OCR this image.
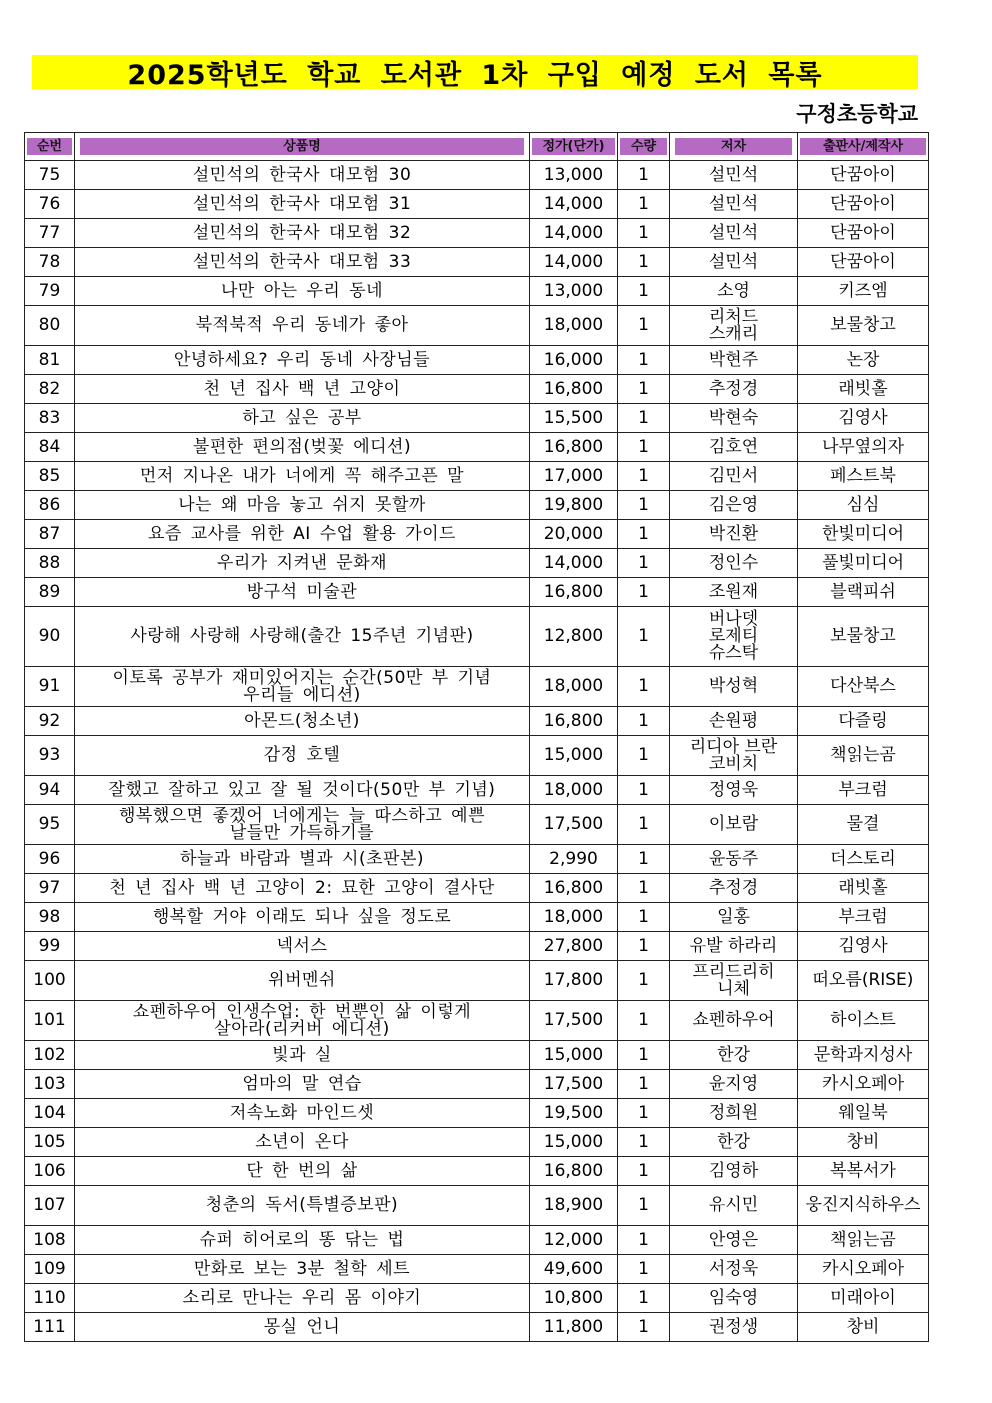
2025학년도 학교 도서관 1차 구입 예정 도서 목록
구정초등학교
순번	상품명	정가(단가)	수량	저자	출판사/제작사

75	설민석의 한국사 대모험 30	13,000	1	설민석	단꿈아이
76	설민석의 한국사 대모험 31	14,000	1	설민석	단꿈아이
77	설민석의 한국사 대모험 32	14,000	1	설민석	단꿈아이
78	설민석의 한국사 대모험 33	14,000	1	설민석	단꿈아이
79	나만 아는 우리 동네	13,000	1	소영	키즈엠
80	북적북적 우리 동네가 좋아	18,000	1	리처드 스캐리	보물창고
81	안녕하세요? 우리 동네 사장님들	16,000	1	박현주	논장
82	천 년 집사 백 년 고양이	16,800	1	추정경	래빗홀
83	하고 싶은 공부	15,500	1	박현숙	김영사
84	불편한 편의점(벚꽃 에디션)	16,800	1	김호연	나무옆의자
85	먼저 지나온 내가 너에게 꼭 해주고픈 말	17,000	1	김민서	페스트북
86	나는 왜 마음 놓고 쉬지 못할까	19,800	1	김은영	심심
87	요즘 교사를 위한 AI 수업 활용 가이드	20,000	1	박진환	한빛미디어
88	우리가 지켜낸 문화재	14,000	1	정인수	풀빛미디어
89	방구석 미술관	16,800	1	조원재	블랙피쉬
90	사랑해 사랑해 사랑해(출간 15주년 기념판)	12,800	1	버나뎃 로제티 슈스탁	보물창고
91	이토록 공부가 재미있어지는 순간(50만 부 기념 우리들 에디션)	18,000	1	박성혁	다산북스
92	아몬드(청소년)	16,800	1	손원평	다즐링
93	감정 호텔	15,000	1	리디아 브란코비치	책읽는곰
94	잘했고 잘하고 있고 잘 될 것이다(50만 부 기념)	18,000	1	정영욱	부크럼
95	행복했으면 좋겠어 너에게는 늘 따스하고 예쁜 날들만 가득하기를	17,500	1	이보람	물결
96	하늘과 바람과 별과 시(초판본)	2,990	1	윤동주	더스토리
97	천 년 집사 백 년 고양이 2: 묘한 고양이 결사단	16,800	1	추정경	래빗홀
98	행복할 거야 이래도 되나 싶을 정도로	18,000	1	일홍	부크럼
99	넥서스	27,800	1	유발 하라리	김영사
100	위버멘쉬	17,800	1	프리드리히 니체	떠오름(RISE)
101	쇼펜하우어 인생수업: 한 번뿐인 삶 이렇게 살아라(리커버 에디션)	17,500	1	쇼펜하우어	하이스트
102	빛과 실	15,000	1	한강	문학과지성사
103	엄마의 말 연습	17,500	1	윤지영	카시오페아
104	저속노화 마인드셋	19,500	1	정희원	웨일북
105	소년이 온다	15,000	1	한강	창비
106	단 한 번의 삶	16,800	1	김영하	복복서가
107	청춘의 독서(특별증보판)	18,900	1	유시민	웅진지식하우스
108	슈퍼 히어로의 똥 닦는 법	12,000	1	안영은	책읽는곰
109	만화로 보는 3분 철학 세트	49,600	1	서정욱	카시오페아
110	소리로 만나는 우리 몸 이야기	10,800	1	임숙영	미래아이
111	몽실 언니	11,800	1	권정생	창비
